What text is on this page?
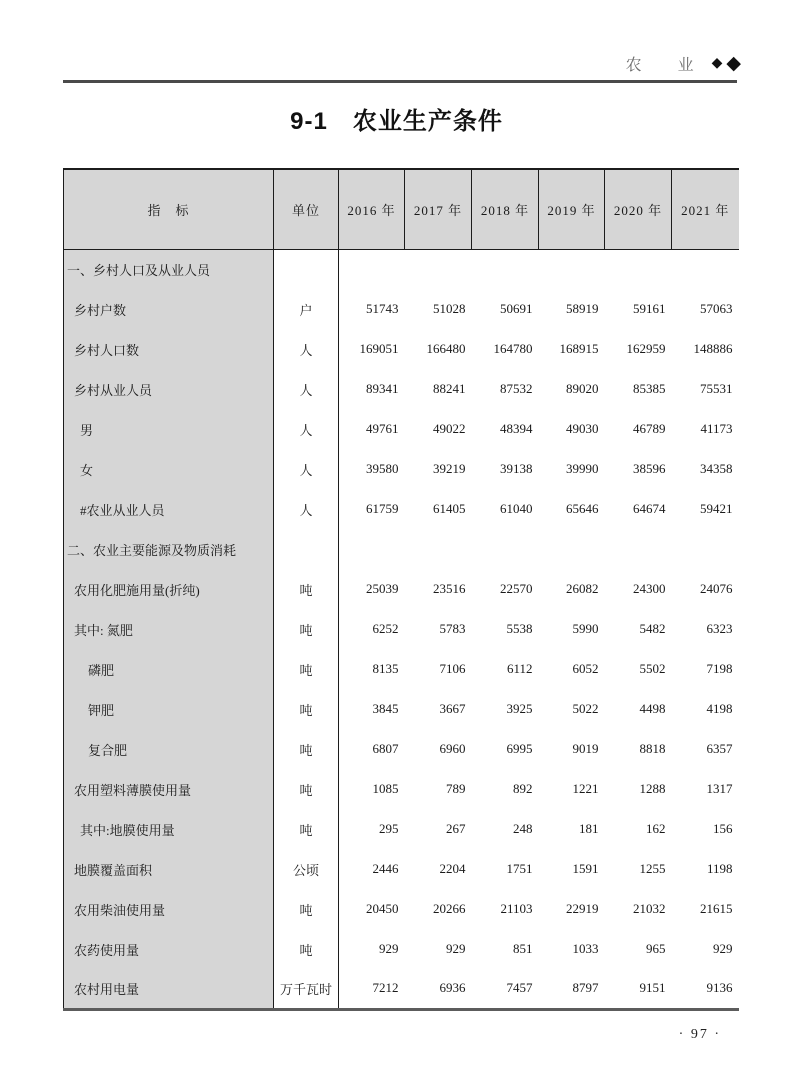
农　业 ◆ ◆
9-1　农业生产条件
指　标	单位	2016 年	2017 年	2018 年	2019 年	2020 年	2021 年
一、乡村人口及从业人员							
乡村户数	户	51743	51028	50691	58919	59161	57063
乡村人口数	人	169051	166480	164780	168915	162959	148886
乡村从业人员	人	89341	88241	87532	89020	85385	75531
男	人	49761	49022	48394	49030	46789	41173
女	人	39580	39219	39138	39990	38596	34358
#农业从业人员	人	61759	61405	61040	65646	64674	59421
二、农业主要能源及物质消耗							
农用化肥施用量(折纯)	吨	25039	23516	22570	26082	24300	24076
其中: 氮肥	吨	6252	5783	5538	5990	5482	6323
磷肥	吨	8135	7106	6112	6052	5502	7198
钾肥	吨	3845	3667	3925	5022	4498	4198
复合肥	吨	6807	6960	6995	9019	8818	6357
农用塑料薄膜使用量	吨	1085	789	892	1221	1288	1317
其中:地膜使用量	吨	295	267	248	181	162	156
地膜覆盖面积	公顷	2446	2204	1751	1591	1255	1198
农用柴油使用量	吨	20450	20266	21103	22919	21032	21615
农药使用量	吨	929	929	851	1033	965	929
农村用电量	万千瓦时	7212	6936	7457	8797	9151	9136
· 97 ·
